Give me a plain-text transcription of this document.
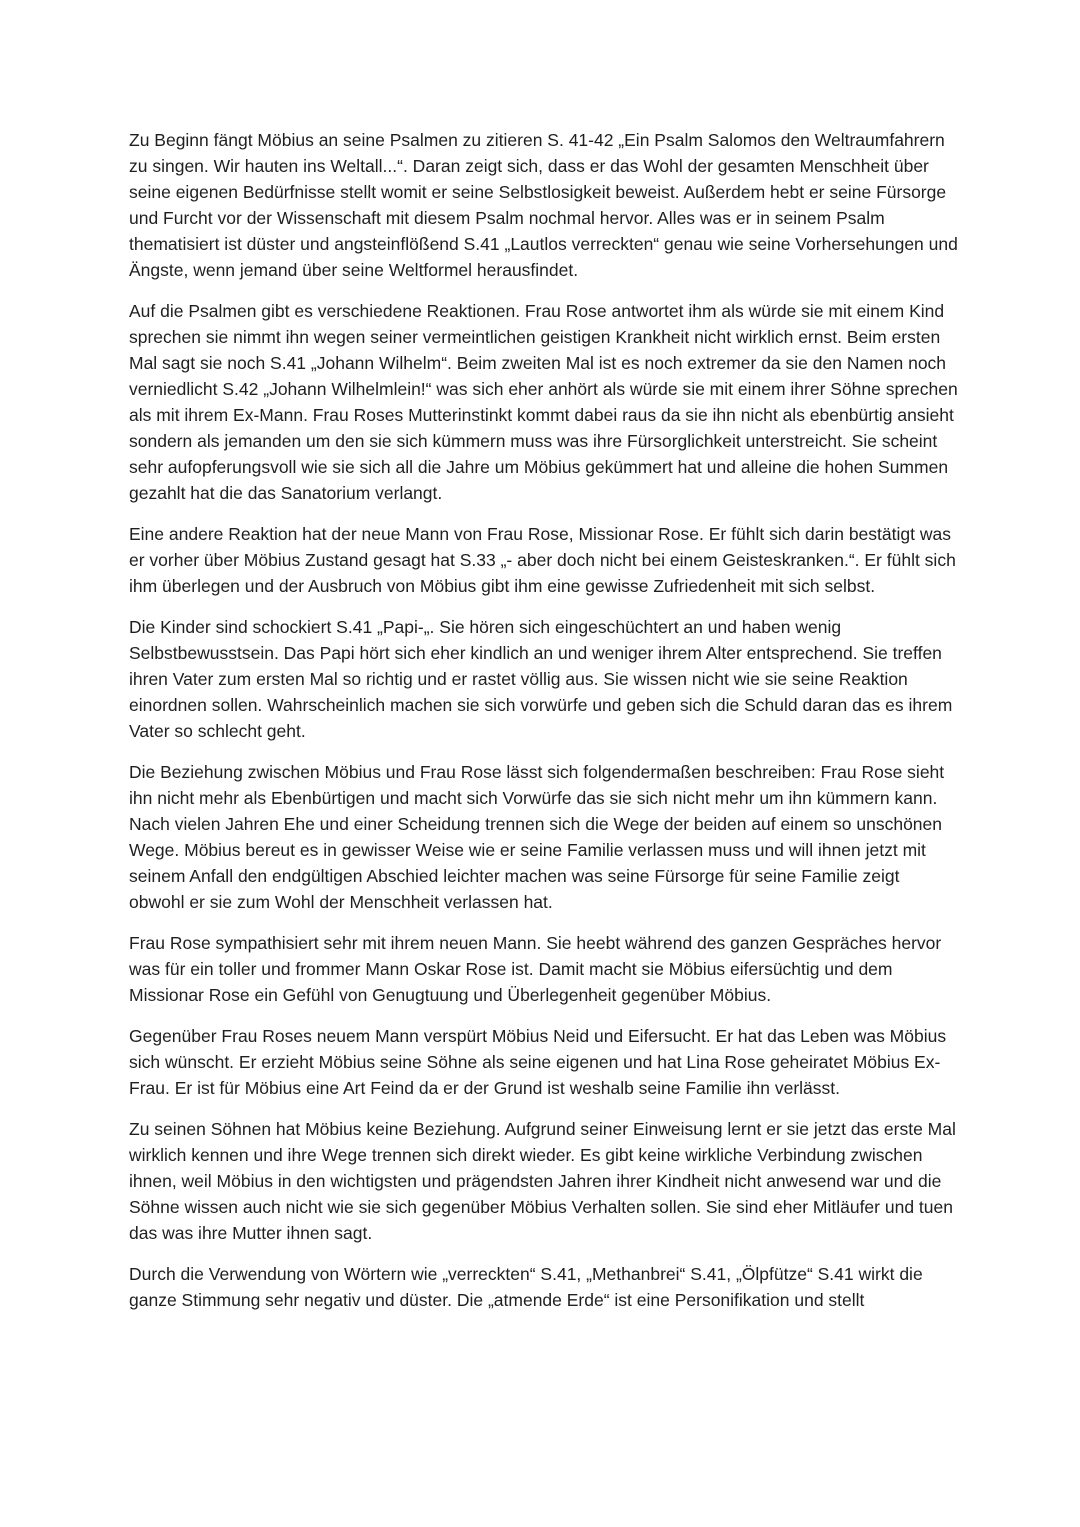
Zu Beginn fängt Möbius an seine Psalmen zu zitieren S. 41-42 „Ein Psalm Salomos den Weltraumfahrern zu singen. Wir hauten ins Weltall...“. Daran zeigt sich, dass er das Wohl der gesamten Menschheit über seine eigenen Bedürfnisse stellt womit er seine Selbstlosigkeit beweist. Außerdem hebt er seine Fürsorge und Furcht vor der Wissenschaft mit diesem Psalm nochmal hervor. Alles was er in seinem Psalm thematisiert ist düster und angsteinflößend S.41 „Lautlos verreckten“ genau wie seine Vorhersehungen und Ängste, wenn jemand über seine Weltformel herausfindet.

Auf die Psalmen gibt es verschiedene Reaktionen. Frau Rose antwortet ihm als würde sie mit einem Kind sprechen sie nimmt ihn wegen seiner vermeintlichen geistigen Krankheit nicht wirklich ernst. Beim ersten Mal sagt sie noch S.41 „Johann Wilhelm“. Beim zweiten Mal ist es noch extremer da sie den Namen noch verniedlicht S.42 „Johann Wilhelmlein!“ was sich eher anhört als würde sie mit einem ihrer Söhne sprechen als mit ihrem Ex-Mann. Frau Roses Mutterinstinkt kommt dabei raus da sie ihn nicht als ebenbürtig ansieht sondern als jemanden um den sie sich kümmern muss was ihre Fürsorglichkeit unterstreicht. Sie scheint sehr aufopferungsvoll wie sie sich all die Jahre um Möbius gekümmert hat und alleine die hohen Summen gezahlt hat die das Sanatorium verlangt.

Eine andere Reaktion hat der neue Mann von Frau Rose, Missionar Rose. Er fühlt sich darin bestätigt was er vorher über Möbius Zustand gesagt hat S.33 „- aber doch nicht bei einem Geisteskranken.“. Er fühlt sich ihm überlegen und der Ausbruch von Möbius gibt ihm eine gewisse Zufriedenheit mit sich selbst.

Die Kinder sind schockiert S.41 „Papi-„. Sie hören sich eingeschüchtert an und haben wenig Selbstbewusstsein. Das Papi hört sich eher kindlich an und weniger ihrem Alter entsprechend. Sie treffen ihren Vater zum ersten Mal so richtig und er rastet völlig aus. Sie wissen nicht wie sie seine Reaktion einordnen sollen. Wahrscheinlich machen sie sich vorwürfe und geben sich die Schuld daran das es ihrem Vater so schlecht geht.

Die Beziehung zwischen Möbius und Frau Rose lässt sich folgendermaßen beschreiben: Frau Rose sieht ihn nicht mehr als Ebenbürtigen und macht sich Vorwürfe das sie sich nicht mehr um ihn kümmern kann. Nach vielen Jahren Ehe und einer Scheidung trennen sich die Wege der beiden auf einem so unschönen Wege. Möbius bereut es in gewisser Weise wie er seine Familie verlassen muss und will ihnen jetzt mit seinem Anfall den endgültigen Abschied leichter machen was seine Fürsorge für seine Familie zeigt obwohl er sie zum Wohl der Menschheit verlassen hat.

Frau Rose sympathisiert sehr mit ihrem neuen Mann. Sie heebt während des ganzen Gespräches hervor was für ein toller und frommer Mann Oskar Rose ist. Damit macht sie Möbius eifersüchtig und dem Missionar Rose ein Gefühl von Genugtuung und Überlegenheit gegenüber Möbius.

Gegenüber Frau Roses neuem Mann verspürt Möbius Neid und Eifersucht. Er hat das Leben was Möbius sich wünscht. Er erzieht Möbius seine Söhne als seine eigenen und hat Lina Rose geheiratet Möbius Ex-Frau. Er ist für Möbius eine Art Feind da er der Grund ist weshalb seine Familie ihn verlässt.

Zu seinen Söhnen hat Möbius keine Beziehung. Aufgrund seiner Einweisung lernt er sie jetzt das erste Mal wirklich kennen und ihre Wege trennen sich direkt wieder. Es gibt keine wirkliche Verbindung zwischen ihnen, weil Möbius in den wichtigsten und prägendsten Jahren ihrer Kindheit nicht anwesend war und die Söhne wissen auch nicht wie sie sich gegenüber Möbius Verhalten sollen. Sie sind eher Mitläufer und tuen das was ihre Mutter ihnen sagt.

Durch die Verwendung von Wörtern wie „verreckten“ S.41, „Methanbrei“ S.41, „Ölpfütze“ S.41 wirkt die ganze Stimmung sehr negativ und düster. Die „atmende Erde“ ist eine Personifikation und stellt
